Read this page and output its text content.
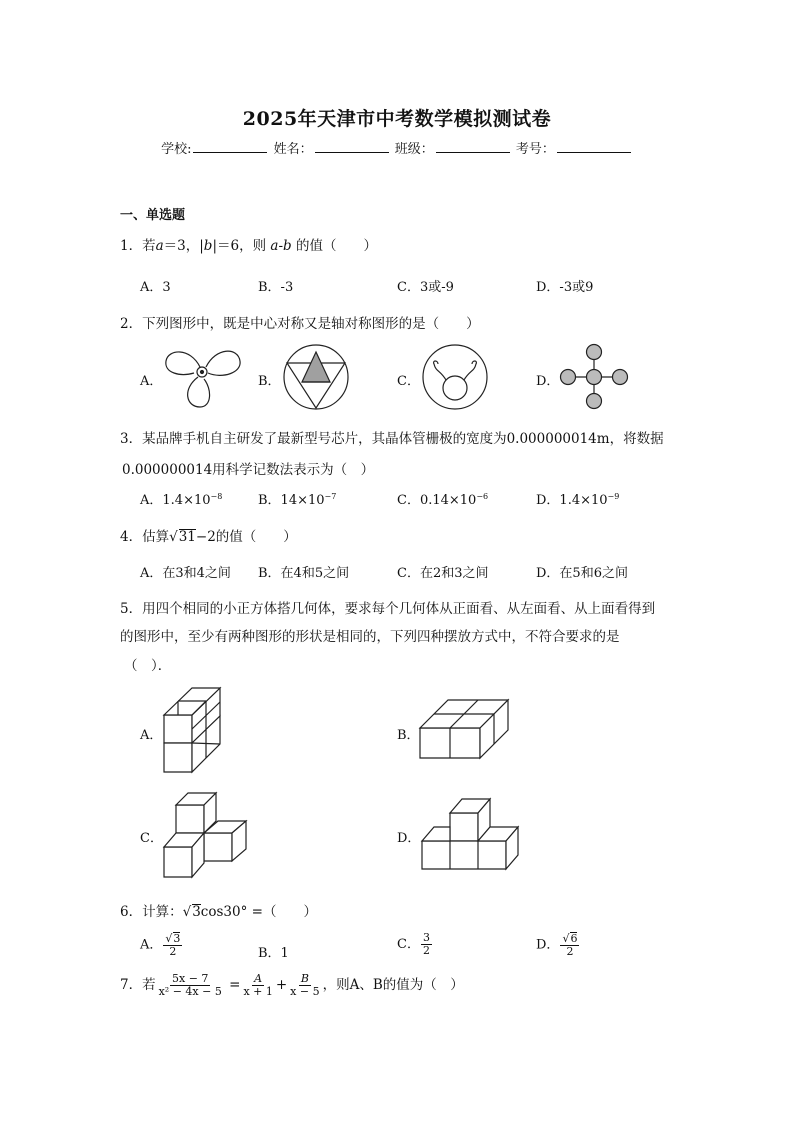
2025年天津市中考数学模拟测试卷
学校:	姓名：	班级：	考号：
一、单选题
1．若a＝3，|b|＝6，则 a-b 的值（　　）
A．3	B．-3	C．3或-9	D．-3或9
2．下列图形中，既是中心对称又是轴对称图形的是（　　）
A．	B．	C．	D．
3．某品牌手机自主研发了最新型号芯片，其晶体管栅极的宽度为0.000000014m，将数据
0.000000014用科学记数法表示为（　）
A．$1.4\times 10^{-8}$	B．$14\times 10^{-7}$	C．$0.14\times 10^{-6}$	D．$1.4\times 10^{-9}$
4．估算√31−2的值（　　）
A．在3和4之间 B．在4和5之间	C．在2和3之间	D．在5和6之间
5．用四个相同的小正方体搭几何体，要求每个几何体从正面看、从左面看、从上面看得到
的图形中，至少有两种图形的形状是相同的，下列四种摆放方式中，不符合要求的是
（　）．
A．	B．
C．	D．
6．计算：√3cos30° =（　　）
A． $\frac{√3}{2}$	B．1
C． $\frac{3}{2}$	D． $\frac{√6}{2}$
7．若 $\frac{5x - 7}{\text{x² − 4x − 5}} = \frac{A}{x + 1} + \frac{B}{x - 5}$ ，则A、B的值为（　）
